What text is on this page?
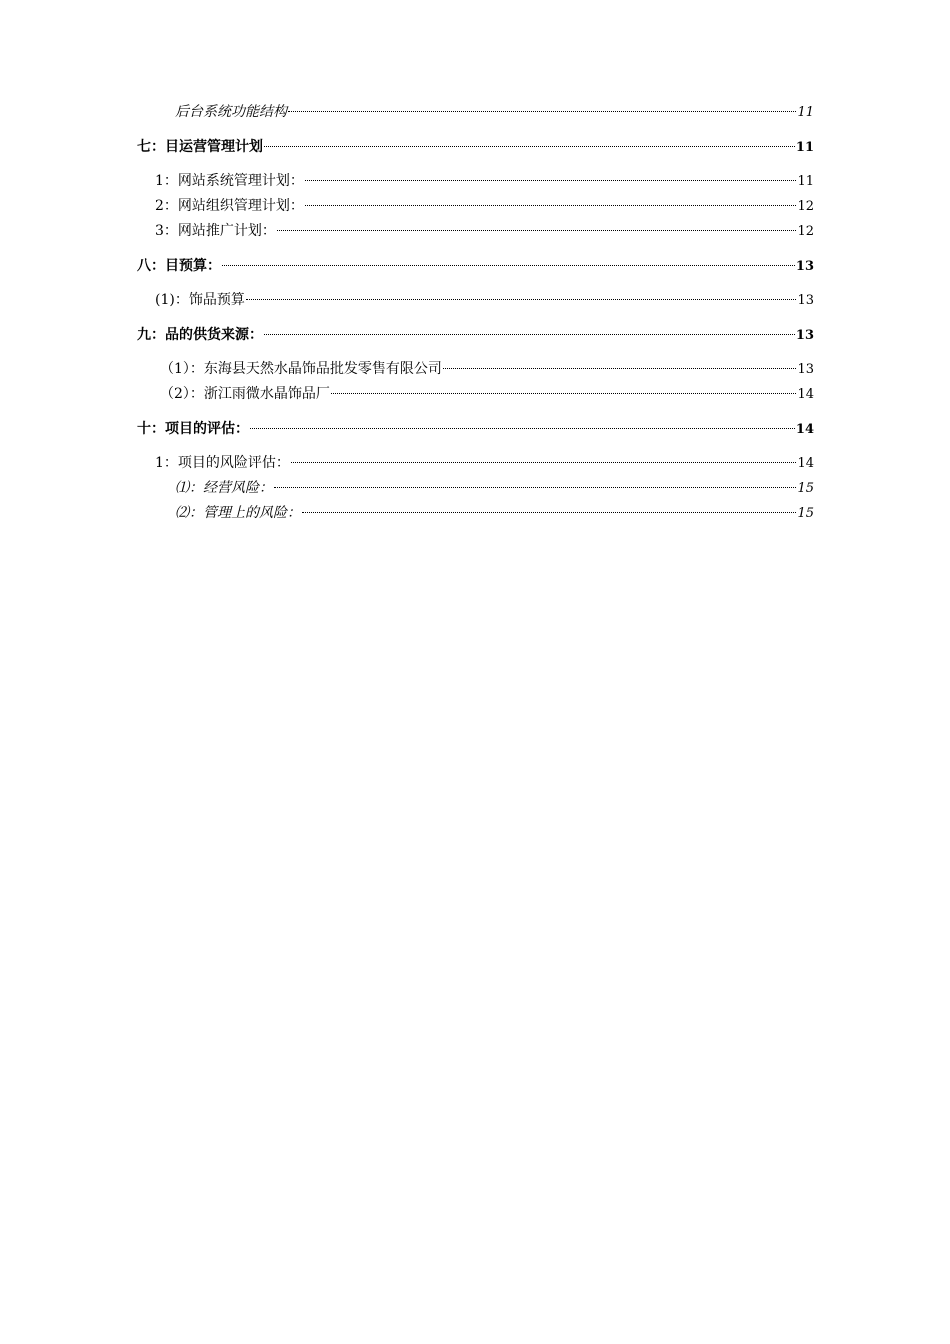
后台系统功能结构	11
七：目运营管理计划	11
1：网站系统管理计划：	11
2：网站组织管理计划：	12
3：网站推广计划：	12
八：目预算：	13
(1)：饰品预算	13
九：品的供货来源：	13
（1）：东海县天然水晶饰品批发零售有限公司	13
（2）：浙江雨微水晶饰品厂	14
十：项目的评估：	14
1：项目的风险评估：	14
⑴：经营风险：	15
⑵：管理上的风险：	15
